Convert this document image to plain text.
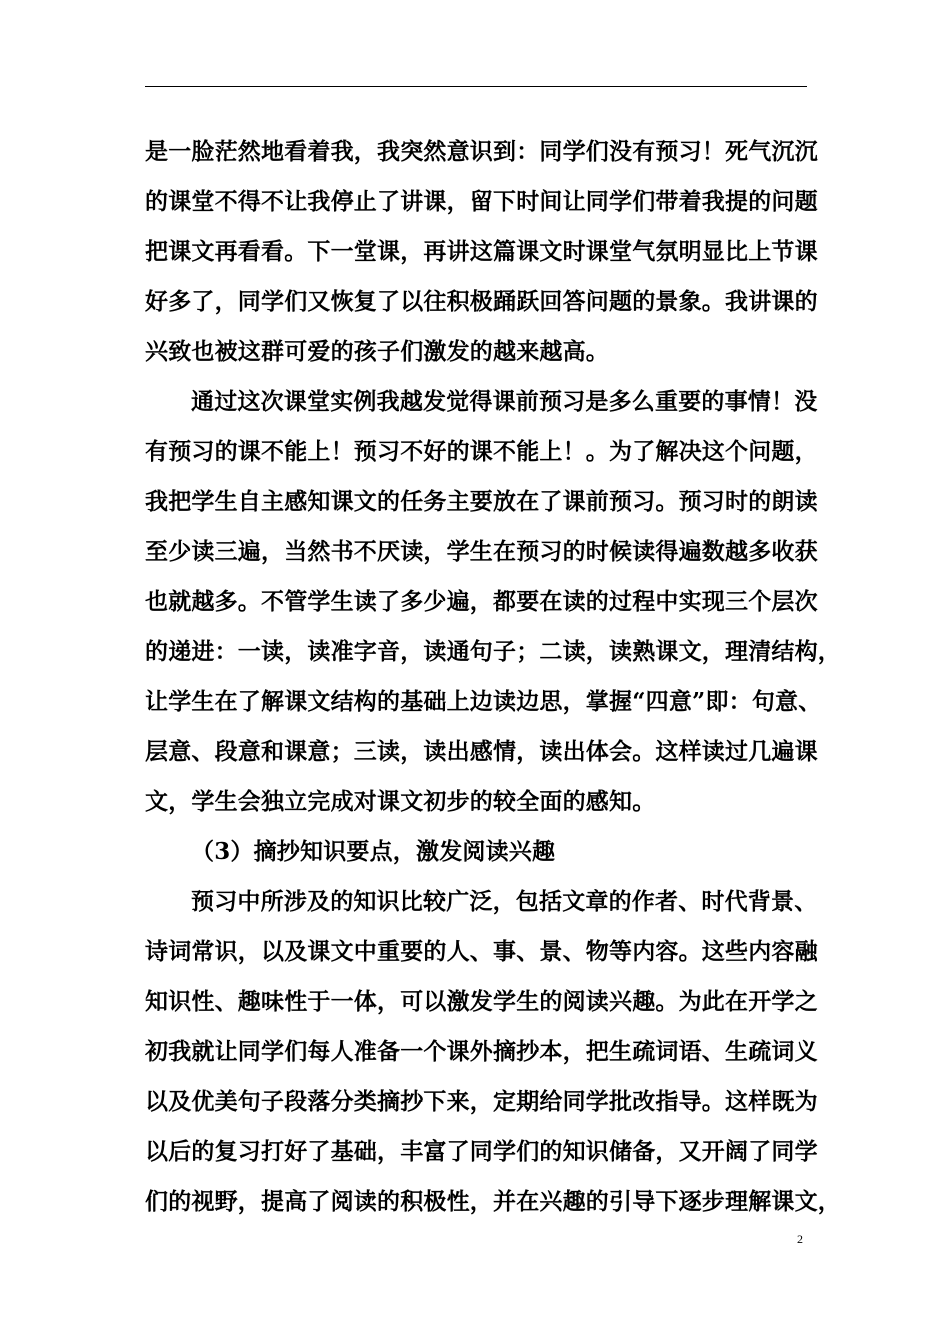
是一脸茫然地看着我，我突然意识到：同学们没有预习！死气沉沉
的课堂不得不让我停止了讲课，留下时间让同学们带着我提的问题
把课文再看看。下一堂课，再讲这篇课文时课堂气氛明显比上节课
好多了，同学们又恢复了以往积极踊跃回答问题的景象。我讲课的
兴致也被这群可爱的孩子们激发的越来越高。
通过这次课堂实例我越发觉得课前预习是多么重要的事情！没
有预习的课不能上！预习不好的课不能上！。为了解决这个问题，
我把学生自主感知课文的任务主要放在了课前预习。预习时的朗读
至少读三遍，当然书不厌读，学生在预习的时候读得遍数越多收获
也就越多。不管学生读了多少遍，都要在读的过程中实现三个层次
的递进：一读，读准字音，读通句子；二读，读熟课文，理清结构，
让学生在了解课文结构的基础上边读边思，掌握“四意”即：句意、
层意、段意和课意；三读，读出感情，读出体会。这样读过几遍课
文，学生会独立完成对课文初步的较全面的感知。
（3）摘抄知识要点，激发阅读兴趣
预习中所涉及的知识比较广泛，包括文章的作者、时代背景、
诗词常识，以及课文中重要的人、事、景、物等内容。这些内容融
知识性、趣味性于一体，可以激发学生的阅读兴趣。为此在开学之
初我就让同学们每人准备一个课外摘抄本，把生疏词语、生疏词义
以及优美句子段落分类摘抄下来，定期给同学批改指导。这样既为
以后的复习打好了基础，丰富了同学们的知识储备，又开阔了同学
们的视野，提高了阅读的积极性，并在兴趣的引导下逐步理解课文，
2
